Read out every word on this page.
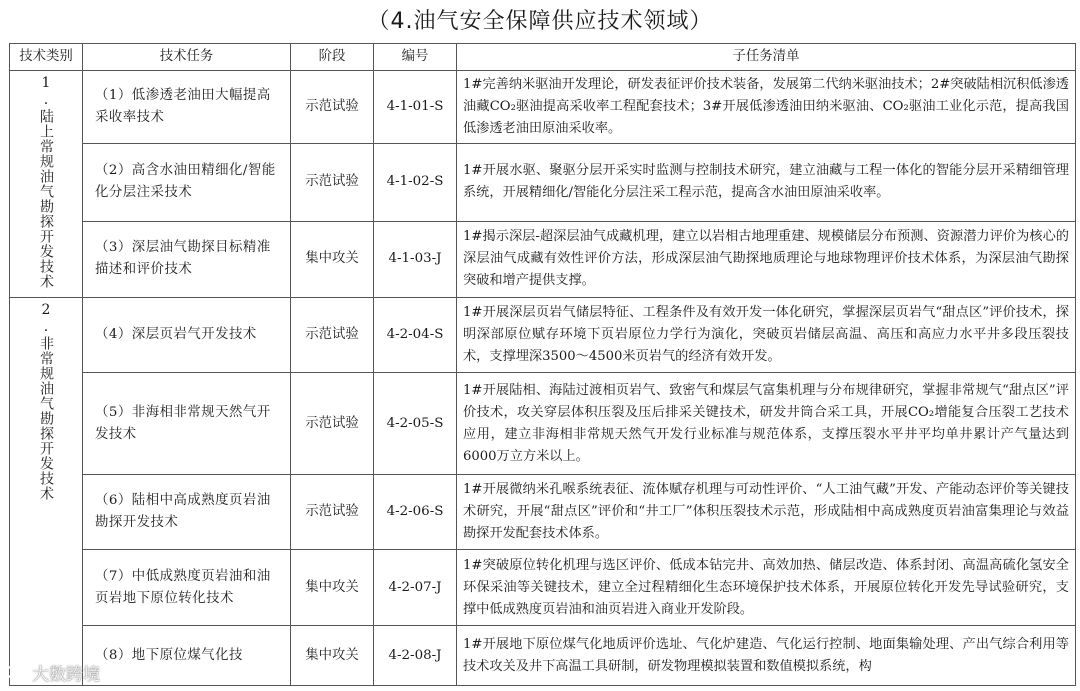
（4.油气安全保障供应技术领域）
技术类别	技术任务	阶段	编号	子任务清单
1.陆上常规油气勘探开发技术	（1）低渗透老油田大幅提高采收率技术	示范试验	4-1-01-S	1#完善纳米驱油开发理论，研发表征评价技术装备，发展第二代纳米驱油技术；2#突破陆相沉积低渗透油藏CO₂驱油提高采收率工程配套技术；3#开展低渗透油田纳米驱油、CO₂驱油工业化示范，提高我国低渗透老油田原油采收率。
	（2）高含水油田精细化/智能化分层注采技术	示范试验	4-1-02-S	1#开展水驱、聚驱分层开采实时监测与控制技术研究，建立油藏与工程一体化的智能分层开采精细管理系统，开展精细化/智能化分层注采工程示范，提高含水油田原油采收率。
	（3）深层油气勘探目标精准描述和评价技术	集中攻关	4-1-03-J	1#揭示深层-超深层油气成藏机理，建立以岩相古地理重建、规模储层分布预测、资源潜力评价为核心的深层油气成藏有效性评价方法，形成深层油气勘探地质理论与地球物理评价技术体系，为深层油气勘探突破和增产提供支撑。
2.非常规油气勘探开发技术	（4）深层页岩气开发技术	示范试验	4-2-04-S	1#开展深层页岩气储层特征、工程条件及有效开发一体化研究，掌握深层页岩气“甜点区”评价技术，探明深部原位赋存环境下页岩原位力学行为演化，突破页岩储层高温、高压和高应力水平井多段压裂技术，支撑埋深3500～4500米页岩气的经济有效开发。
	（5）非海相非常规天然气开发技术	示范试验	4-2-05-S	1#开展陆相、海陆过渡相页岩气、致密气和煤层气富集机理与分布规律研究，掌握非常规气“甜点区”评价技术，攻关穿层体积压裂及压后排采关键技术，研发井筒合采工具，开展CO₂增能复合压裂工艺技术应用，建立非海相非常规天然气开发行业标准与规范体系，支撑压裂水平井平均单井累计产气量达到6000万立方米以上。
	（6）陆相中高成熟度页岩油勘探开发技术	示范试验	4-2-06-S	1#开展微纳米孔喉系统表征、流体赋存机理与可动性评价、“人工油气藏”开发、产能动态评价等关键技术研究，开展“甜点区”评价和“井工厂”体积压裂技术示范，形成陆相中高成熟度页岩油富集理论与效益勘探开发配套技术体系。
	（7）中低成熟度页岩油和油页岩地下原位转化技术	集中攻关	4-2-07-J	1#突破原位转化机理与选区评价、低成本钻完井、高效加热、储层改造、体系封闭、高温高硫化氢安全环保采油等关键技术，建立全过程精细化生态环境保护技术体系，开展原位转化开发先导试验研究，支撑中低成熟度页岩油和油页岩进入商业开发阶段。
	（8）地下原位煤气化技	集中攻关	4-2-08-J	1#开展地下原位煤气化地质评价选址、气化炉建造、气化运行控制、地面集输处理、产出气综合利用等技术攻关及井下高温工具研制，研发物理模拟装置和数值模拟系统，构
大数跨境
